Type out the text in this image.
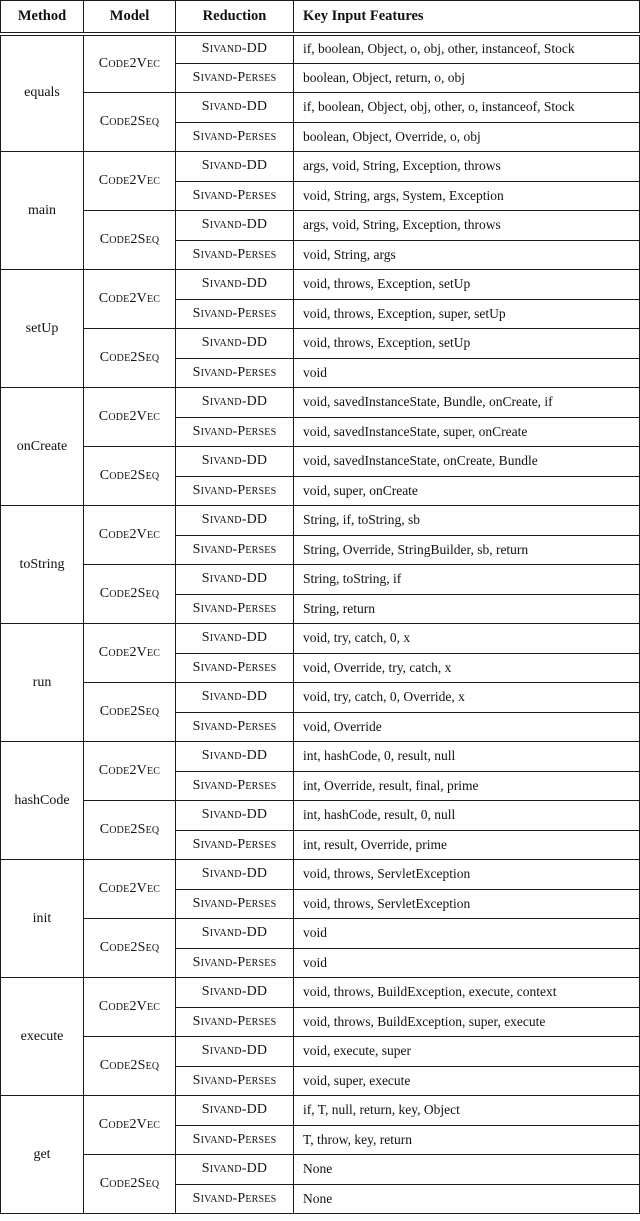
Method	Model	Reduction	Key Input Features
equals	Code2Vec	Sivand-DD	if, boolean, Object, o, obj, other, instanceof, Stock
		Sivand-Perses	boolean, Object, return, o, obj
	Code2Seq	Sivand-DD	if, boolean, Object, obj, other, o, instanceof, Stock
		Sivand-Perses	boolean, Object, Override, o, obj
main	Code2Vec	Sivand-DD	args, void, String, Exception, throws
		Sivand-Perses	void, String, args, System, Exception
	Code2Seq	Sivand-DD	args, void, String, Exception, throws
		Sivand-Perses	void, String, args
setUp	Code2Vec	Sivand-DD	void, throws, Exception, setUp
		Sivand-Perses	void, throws, Exception, super, setUp
	Code2Seq	Sivand-DD	void, throws, Exception, setUp
		Sivand-Perses	void
onCreate	Code2Vec	Sivand-DD	void, savedInstanceState, Bundle, onCreate, if
		Sivand-Perses	void, savedInstanceState, super, onCreate
	Code2Seq	Sivand-DD	void, savedInstanceState, onCreate, Bundle
		Sivand-Perses	void, super, onCreate
toString	Code2Vec	Sivand-DD	String, if, toString, sb
		Sivand-Perses	String, Override, StringBuilder, sb, return
	Code2Seq	Sivand-DD	String, toString, if
		Sivand-Perses	String, return
run	Code2Vec	Sivand-DD	void, try, catch, 0, x
		Sivand-Perses	void, Override, try, catch, x
	Code2Seq	Sivand-DD	void, try, catch, 0, Override, x
		Sivand-Perses	void, Override
hashCode	Code2Vec	Sivand-DD	int, hashCode, 0, result, null
		Sivand-Perses	int, Override, result, final, prime
	Code2Seq	Sivand-DD	int, hashCode, result, 0, null
		Sivand-Perses	int, result, Override, prime
init	Code2Vec	Sivand-DD	void, throws, ServletException
		Sivand-Perses	void, throws, ServletException
	Code2Seq	Sivand-DD	void
		Sivand-Perses	void
execute	Code2Vec	Sivand-DD	void, throws, BuildException, execute, context
		Sivand-Perses	void, throws, BuildException, super, execute
	Code2Seq	Sivand-DD	void, execute, super
		Sivand-Perses	void, super, execute
get	Code2Vec	Sivand-DD	if, T, null, return, key, Object
		Sivand-Perses	T, throw, key, return
	Code2Seq	Sivand-DD	None
		Sivand-Perses	None
